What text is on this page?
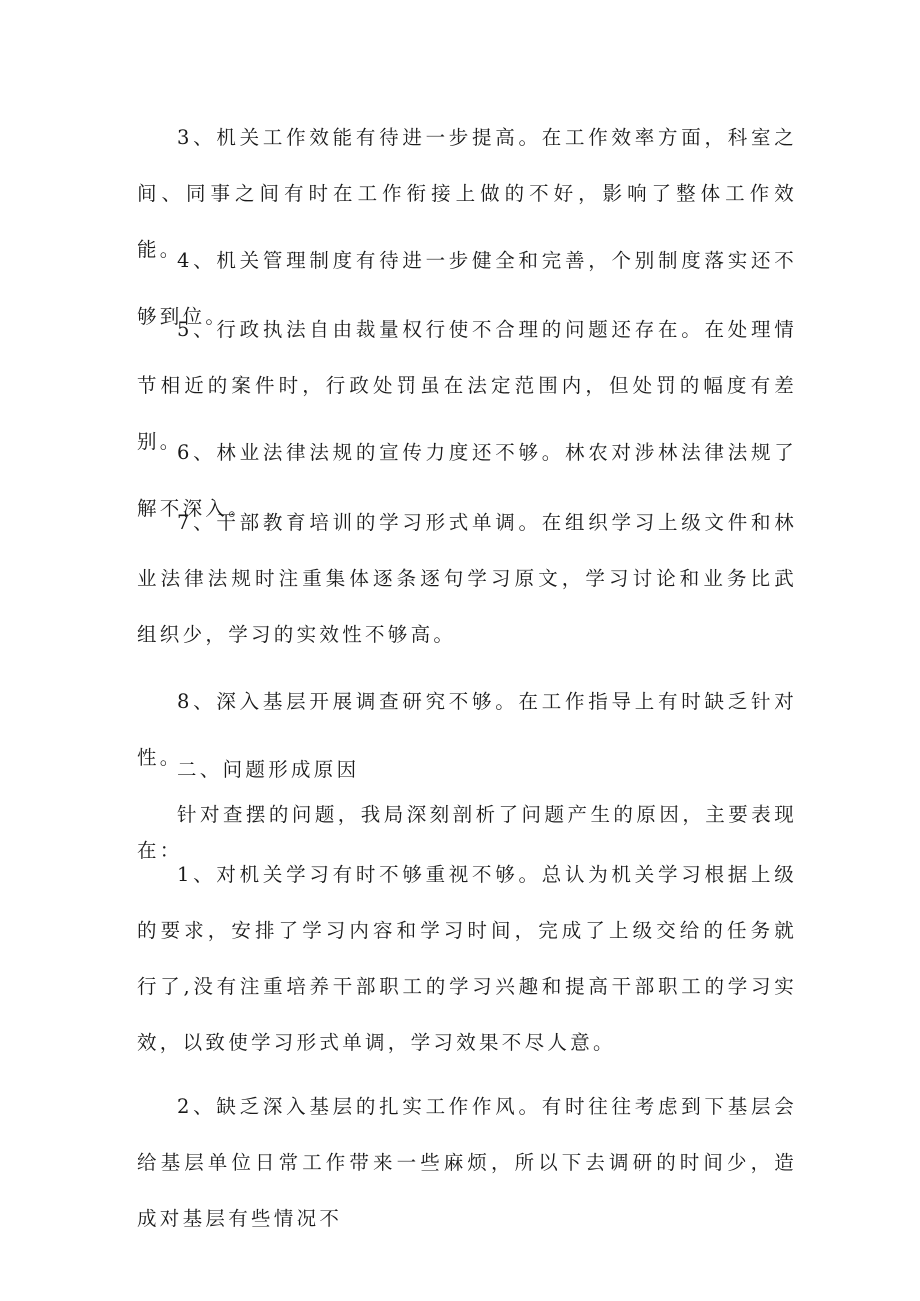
3、机关工作效能有待进一步提高。在工作效率方面，科室之间、同事之间有时在工作衔接上做的不好，影响了整体工作效能。

4、机关管理制度有待进一步健全和完善，个别制度落实还不够到位。

5、行政执法自由裁量权行使不合理的问题还存在。在处理情节相近的案件时，行政处罚虽在法定范围内，但处罚的幅度有差别。

6、林业法律法规的宣传力度还不够。林农对涉林法律法规了解不深入。

7、干部教育培训的学习形式单调。在组织学习上级文件和林业法律法规时注重集体逐条逐句学习原文，学习讨论和业务比武组织少，学习的实效性不够高。

8、深入基层开展调查研究不够。在工作指导上有时缺乏针对性。

二、问题形成原因

针对查摆的问题，我局深刻剖析了问题产生的原因，主要表现在：

1、对机关学习有时不够重视不够。总认为机关学习根据上级的要求，安排了学习内容和学习时间，完成了上级交给的任务就行了,没有注重培养干部职工的学习兴趣和提高干部职工的学习实效，以致使学习形式单调，学习效果不尽人意。

2、缺乏深入基层的扎实工作作风。有时往往考虑到下基层会给基层单位日常工作带来一些麻烦，所以下去调研的时间少，造成对基层有些情况不
